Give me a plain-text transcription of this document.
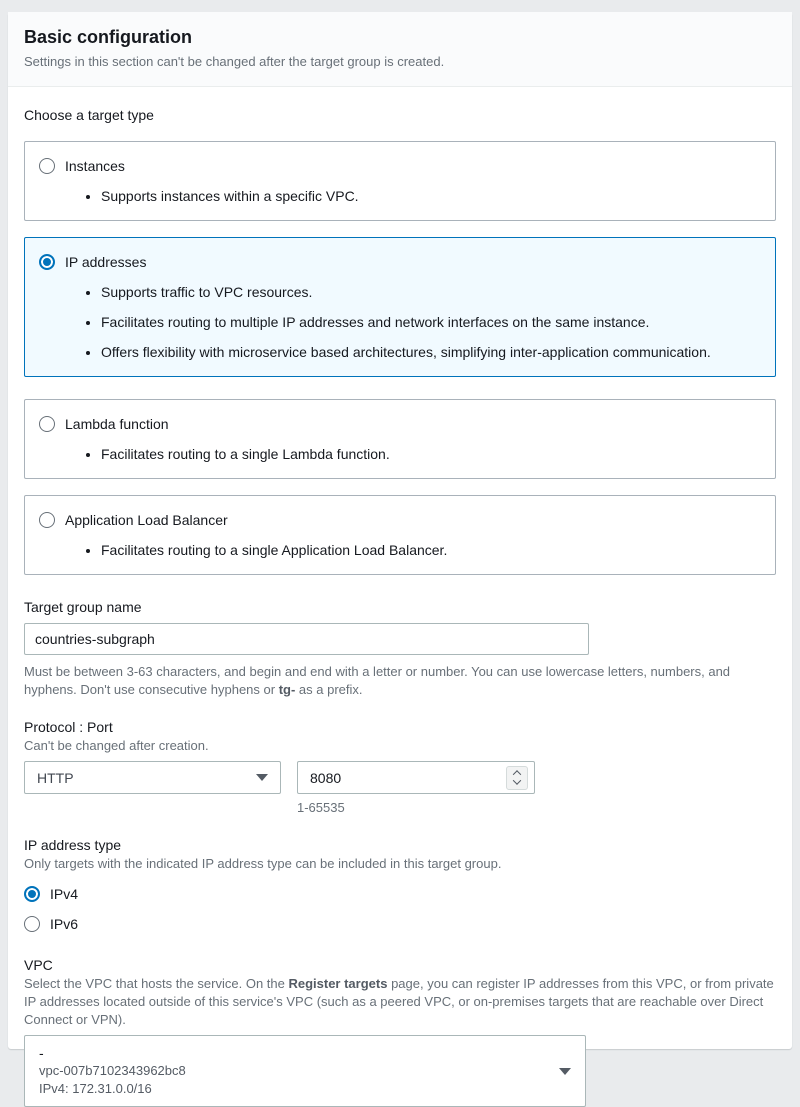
Basic configuration
Settings in this section can't be changed after the target group is created.
Choose a target type
Instances
• Supports instances within a specific VPC.
IP addresses
• Supports traffic to VPC resources.
• Facilitates routing to multiple IP addresses and network interfaces on the same instance.
• Offers flexibility with microservice based architectures, simplifying inter-application communication.
Lambda function
• Facilitates routing to a single Lambda function.
Application Load Balancer
• Facilitates routing to a single Application Load Balancer.
Target group name
countries-subgraph
Must be between 3-63 characters, and begin and end with a letter or number. You can use lowercase letters, numbers, and hyphens. Don't use consecutive hyphens or tg- as a prefix.
Protocol : Port
Can't be changed after creation.
HTTP
8080
1-65535
IP address type
Only targets with the indicated IP address type can be included in this target group.
IPv4
IPv6
VPC
Select the VPC that hosts the service. On the Register targets page, you can register IP addresses from this VPC, or from private IP addresses located outside of this service's VPC (such as a peered VPC, or on-premises targets that are reachable over Direct Connect or VPN).
-
vpc-007b7102343962bc8
IPv4: 172.31.0.0/16
